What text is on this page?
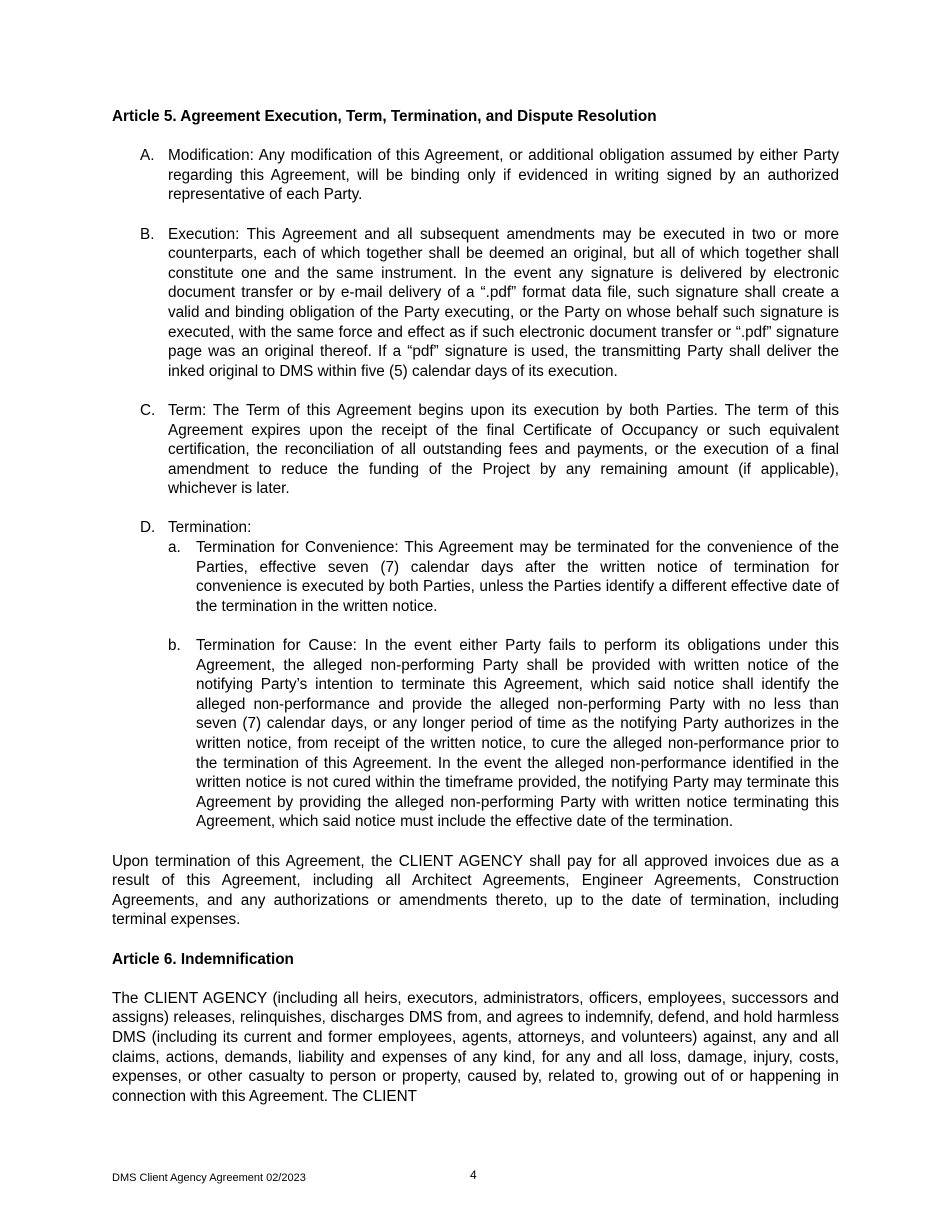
Article 5. Agreement Execution, Term, Termination, and Dispute Resolution

A. Modification: Any modification of this Agreement, or additional obligation assumed by either Party regarding this Agreement, will be binding only if evidenced in writing signed by an authorized representative of each Party.
B. Execution: This Agreement and all subsequent amendments may be executed in two or more counterparts, each of which together shall be deemed an original, but all of which together shall constitute one and the same instrument. In the event any signature is delivered by electronic document transfer or by e-mail delivery of a “.pdf” format data file, such signature shall create a valid and binding obligation of the Party executing, or the Party on whose behalf such signature is executed, with the same force and effect as if such electronic document transfer or “.pdf” signature page was an original thereof. If a “pdf” signature is used, the transmitting Party shall deliver the inked original to DMS within five (5) calendar days of its execution.
C. Term: The Term of this Agreement begins upon its execution by both Parties. The term of this Agreement expires upon the receipt of the final Certificate of Occupancy or such equivalent certification, the reconciliation of all outstanding fees and payments, or the execution of a final amendment to reduce the funding of the Project by any remaining amount (if applicable), whichever is later.
D. Termination:
a. Termination for Convenience: This Agreement may be terminated for the convenience of the Parties, effective seven (7) calendar days after the written notice of termination for convenience is executed by both Parties, unless the Parties identify a different effective date of the termination in the written notice.
b. Termination for Cause: In the event either Party fails to perform its obligations under this Agreement, the alleged non-performing Party shall be provided with written notice of the notifying Party’s intention to terminate this Agreement, which said notice shall identify the alleged non-performance and provide the alleged non-performing Party with no less than seven (7) calendar days, or any longer period of time as the notifying Party authorizes in the written notice, from receipt of the written notice, to cure the alleged non-performance prior to the termination of this Agreement. In the event the alleged non-performance identified in the written notice is not cured within the timeframe provided, the notifying Party may terminate this Agreement by providing the alleged non-performing Party with written notice terminating this Agreement, which said notice must include the effective date of the termination.

Upon termination of this Agreement, the CLIENT AGENCY shall pay for all approved invoices due as a result of this Agreement, including all Architect Agreements, Engineer Agreements, Construction Agreements, and any authorizations or amendments thereto, up to the date of termination, including terminal expenses.

Article 6. Indemnification

The CLIENT AGENCY (including all heirs, executors, administrators, officers, employees, successors and assigns) releases, relinquishes, discharges DMS from, and agrees to indemnify, defend, and hold harmless DMS (including its current and former employees, agents, attorneys, and volunteers) against, any and all claims, actions, demands, liability and expenses of any kind, for any and all loss, damage, injury, costs, expenses, or other casualty to person or property, caused by, related to, growing out of or happening in connection with this Agreement. The CLIENT

DMS Client Agency Agreement 02/2023	4
